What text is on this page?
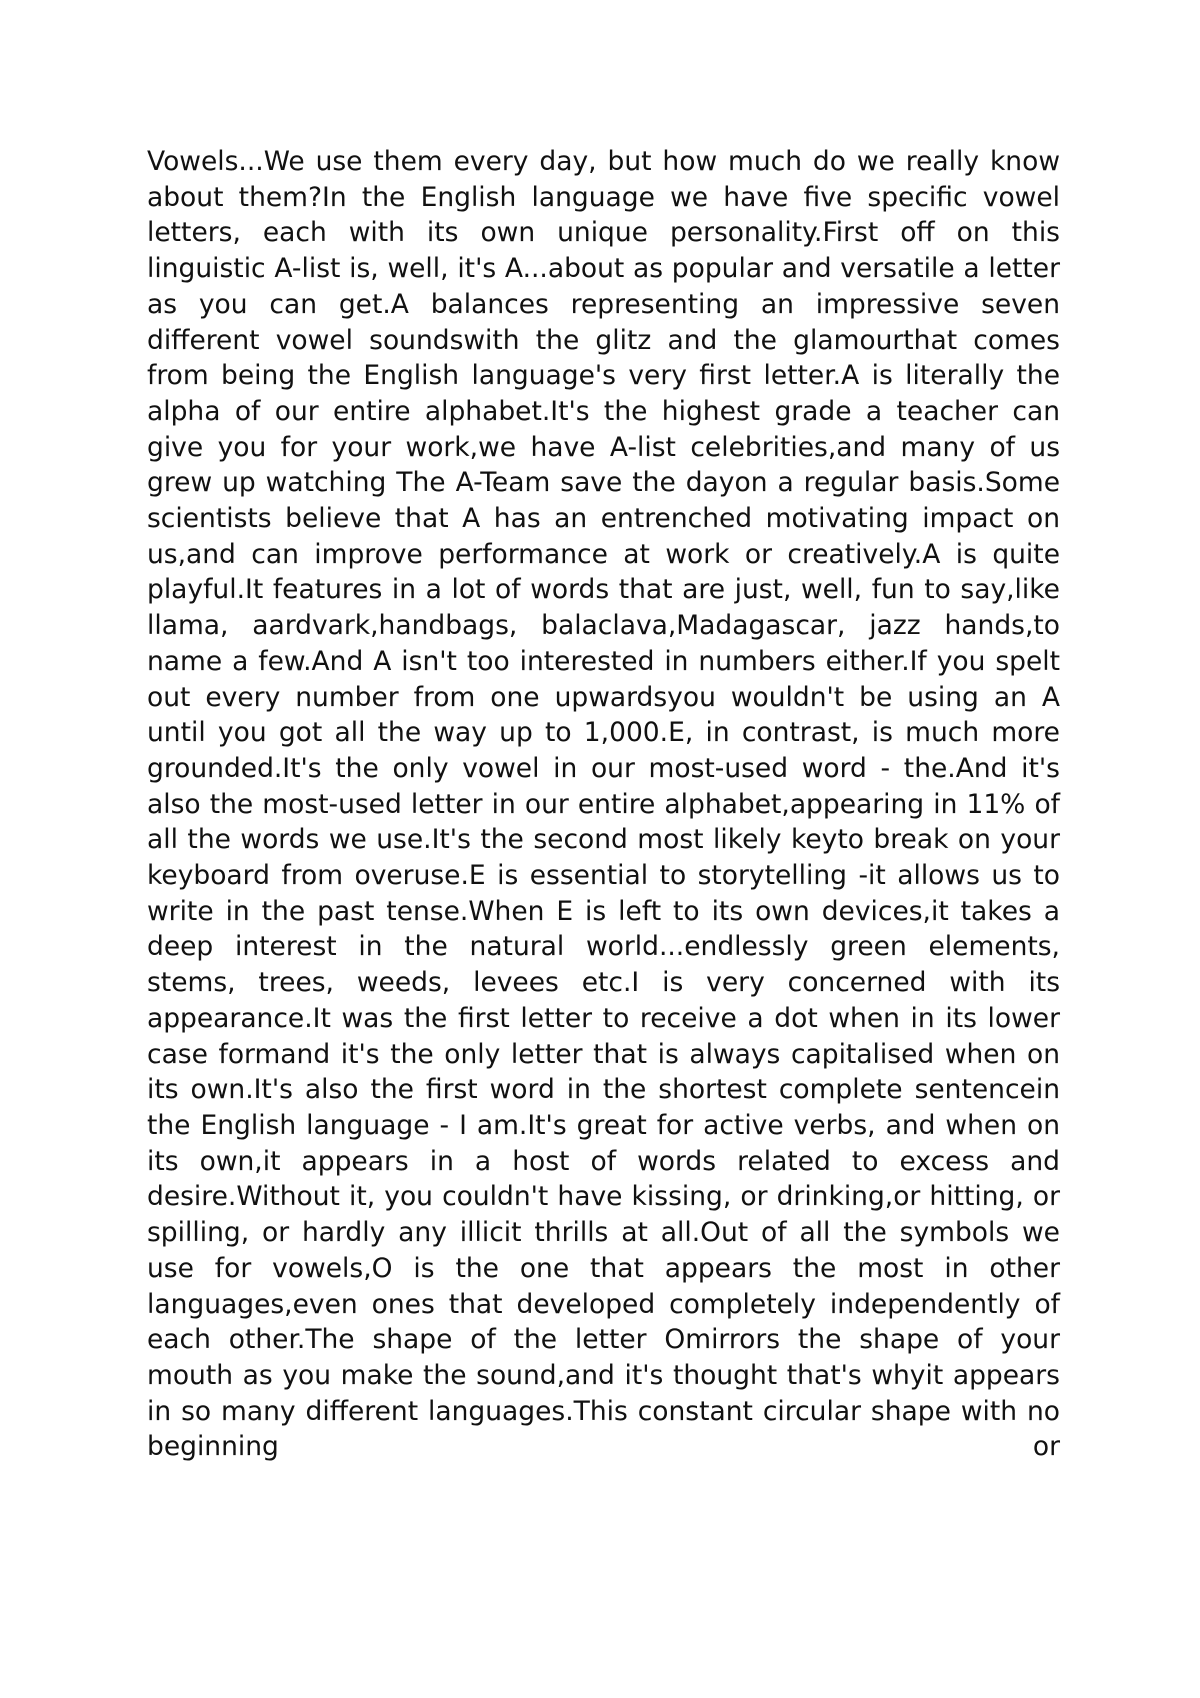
Vowels...We use them every day, but how much do we really know about them?In the English language we have five specific vowel letters, each with its own unique personality.First off on this linguistic A-list is, well, it's A...about as popular and versatile a letter as you can get.A balances representing an impressive seven different vowel soundswith the glitz and the glamourthat comes from being the English language's very first letter.A is literally the alpha of our entire alphabet.It's the highest grade a teacher can give you for your work,we have A-list celebrities,and many of us grew up watching The A-Team save the dayon a regular basis.Some scientists believe that A has an entrenched motivating impact on us,and can improve performance at work or creatively.A is quite playful.It features in a lot of words that are just, well, fun to say,like llama, aardvark,handbags, balaclava,Madagascar, jazz hands,to name a few.And A isn't too interested in numbers either.If you spelt out every number from one upwardsyou wouldn't be using an A until you got all the way up to 1,000.E, in contrast, is much more grounded.It's the only vowel in our most-used word - the.And it's also the most-used letter in our entire alphabet,appearing in 11% of all the words we use.It's the second most likely keyto break on your keyboard from overuse.E is essential to storytelling -it allows us to write in the past tense.When E is left to its own devices,it takes a deep interest in the natural world...endlessly green elements, stems, trees, weeds, levees etc.I is very concerned with its appearance.It was the first letter to receive a dot when in its lower case formand it's the only letter that is always capitalised when on its own.It's also the first word in the shortest complete sentencein the English language - I am.It's great for active verbs, and when on its own,it appears in a host of words related to excess and desire.Without it, you couldn't have kissing, or drinking,or hitting, or spilling, or hardly any illicit thrills at all.Out of all the symbols we use for vowels,O is the one that appears the most in other languages,even ones that developed completely independently of each other.The shape of the letter Omirrors the shape of your mouth as you make the sound,and it's thought that's whyit appears in so many different languages.This constant circular shape with no beginning or
